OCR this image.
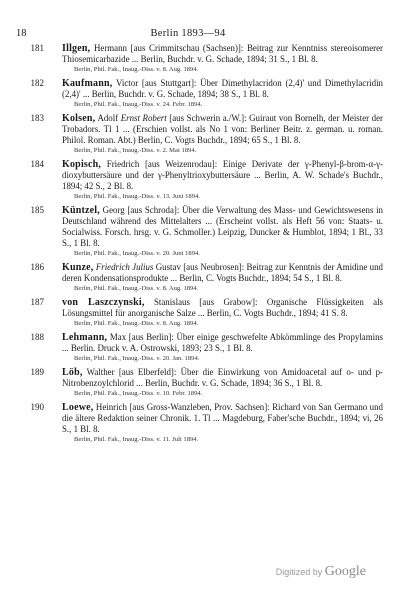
18	Berlin 1893—94
181 Illgen, Hermann [aus Crimmitschau (Sachsen)]: Beitrag zur Kenntniss stereoisomerer Thiosemicarbazide ... Berlin, Buchdr. v. G. Schade, 1894; 31 S., 1 Bl. 8.
Berlin, Phil. Fak., Inaug.-Diss. v. 8. Aug. 1894.
182 Kaufmann, Victor [aus Stuttgart]: Über Dimethylacridon (2,4)' und Dimethylacridin (2,4)' ... Berlin, Buchdr. v. G. Schade, 1894; 38 S., 1 Bl. 8.
Berlin, Phil. Fak., Inaug.-Diss. v. 24. Febr. 1894.
183 Kolsen, Adolf Ernst Robert [aus Schwerin a./W.]: Guiraut von Bornelh, der Meister der Trobadors. Tl 1 ... (Erschien vollst. als No 1 von: Berliner Beitr. z. german. u. roman. Philol. Roman. Abt.) Berlin, C. Vogts Buchdr., 1894; 65 S., 1 Bl. 8.
Berlin, Phil. Fak., Inaug.-Diss. v. 2. Mai 1894.
184 Kopisch, Friedrich [aus Weizenrodau]: Einige Derivate der γ-Phenyl-β-brom-α-γ-dioxybuttersäure und der γ-Phenyltrioxybuttersäure ... Berlin, A. W. Schade's Buchdr., 1894; 42 S., 2 Bl. 8.
Berlin, Phil. Fak., Inaug.-Diss. v. 13. Juni 1894.
185 Küntzel, Georg [aus Schroda]: Über die Verwaltung des Mass- und Gewichtswesens in Deutschland während des Mittelalters ... (Erscheint vollst. als Heft 56 von: Staats- u. Socialwiss. Forsch. hrsg. v. G. Schmoller.) Leipzig, Duncker & Humblot, 1894; 1 Bl., 33 S., 1 Bl. 8.
Berlin, Phil. Fak., Inaug.-Diss. v. 20. Juni 1894.
186 Kunze, Friedrich Julius Gustav [aus Neubrosen]: Beitrag zur Kenntnis der Amidine und deren Kondensationsprodukte ... Berlin, C. Vogts Buchdr., 1894; 54 S., 1 Bl. 8.
Berlin, Phil. Fak., Inaug.-Diss. v. 8. Aug. 1894.
187 von Laszczynski, Stanislaus [aus Grabow]: Organische Flüssigkeiten als Lösungsmittel für anorganische Salze ... Berlin, C. Vogts Buchdr., 1894; 41 S. 8.
Berlin, Phil. Fak., Inaug.-Diss. v. 8. Aug. 1894.
188 Lehmann, Max [aus Berlin]: Über einige geschwefelte Abkömmlinge des Propylamins ... Berlin. Druck v. A. Ostrowski, 1893; 23 S., 1 Bl. 8.
Berlin, Phil. Fak., Inaug.-Diss. v. 20. Jan. 1894.
189 Löb, Walther [aus Elberfeld]: Über die Einwirkung von Amidoacetal auf o- und p-Nitrobenzoylchlorid ... Berlin, Buchdr. v. G. Schade, 1894; 36 S., 1 Bl. 8.
Berlin, Phil. Fak., Inaug.-Diss. v. 10. Febr. 1894.
190 Loewe, Heinrich [aus Gross-Wanzleben, Prov. Sachsen]: Richard von San Germano und die ältere Redaktion seiner Chronik. 1. Tl ... Magdeburg, Faber'sche Buchdr., 1894; vi, 26 S., 1 Bl. 8.
Berlin, Phil. Fak., Inaug.-Diss. v. 11. Juli 1894.
Digitized by Google
